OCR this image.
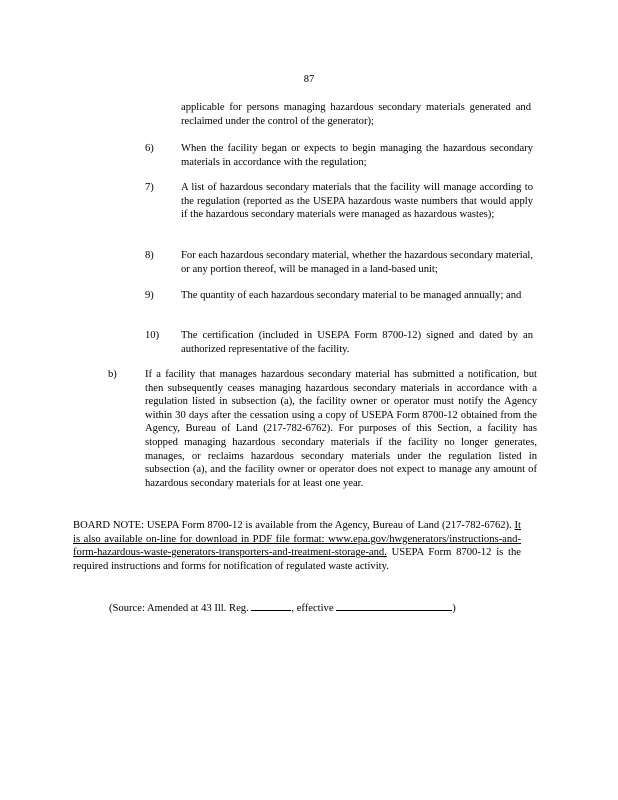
87
applicable for persons managing hazardous secondary materials generated and reclaimed under the control of the generator);
6)	When the facility began or expects to begin managing the hazardous secondary materials in accordance with the regulation;
7)	A list of hazardous secondary materials that the facility will manage according to the regulation (reported as the USEPA hazardous waste numbers that would apply if the hazardous secondary materials were managed as hazardous wastes);
8)	For each hazardous secondary material, whether the hazardous secondary material, or any portion thereof, will be managed in a land-based unit;
9)	The quantity of each hazardous secondary material to be managed annually; and
10) The certification (included in USEPA Form 8700-12) signed and dated by an authorized representative of the facility.
b)	If a facility that manages hazardous secondary material has submitted a notification, but then subsequently ceases managing hazardous secondary materials in accordance with a regulation listed in subsection (a), the facility owner or operator must notify the Agency within 30 days after the cessation using a copy of USEPA Form 8700-12 obtained from the Agency, Bureau of Land (217-782-6762). For purposes of this Section, a facility has stopped managing hazardous secondary materials if the facility no longer generates, manages, or reclaims hazardous secondary materials under the regulation listed in subsection (a), and the facility owner or operator does not expect to manage any amount of hazardous secondary materials for at least one year.
BOARD NOTE: USEPA Form 8700-12 is available from the Agency, Bureau of Land (217-782-6762). It is also available on-line for download in PDF file format: www.epa.gov/hwgenerators/instructions-and-form-hazardous-waste-generators-transporters-and-treatment-storage-and. USEPA Form 8700-12 is the required instructions and forms for notification of regulated waste activity.
(Source: Amended at 43 Ill. Reg.	, effective	)
